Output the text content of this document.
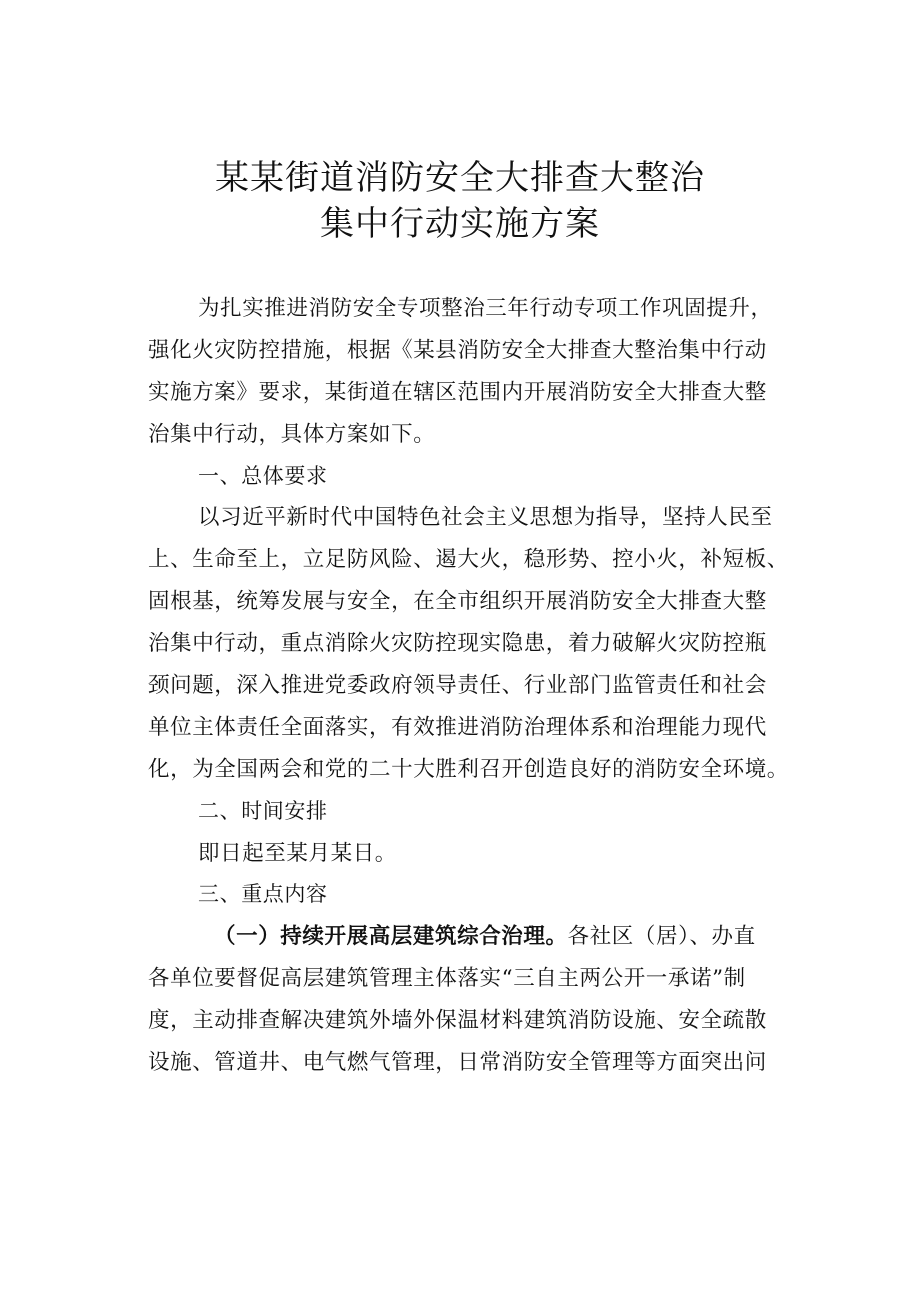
某某街道消防安全大排查大整治
集中行动实施方案
为扎实推进消防安全专项整治三年行动专项工作巩固提升，
强化火灾防控措施，根据《某县消防安全大排查大整治集中行动
实施方案》要求，某街道在辖区范围内开展消防安全大排查大整
治集中行动，具体方案如下。
一、总体要求
以习近平新时代中国特色社会主义思想为指导，坚持人民至
上、生命至上，立足防风险、遏大火，稳形势、控小火，补短板、
固根基，统筹发展与安全，在全市组织开展消防安全大排查大整
治集中行动，重点消除火灾防控现实隐患，着力破解火灾防控瓶
颈问题，深入推进党委政府领导责任、行业部门监管责任和社会
单位主体责任全面落实，有效推进消防治理体系和治理能力现代
化，为全国两会和党的二十大胜利召开创造良好的消防安全环境。
二、时间安排
即日起至某月某日。
三、重点内容
（一）持续开展高层建筑综合治理。各社区（居）、办直
各单位要督促高层建筑管理主体落实“三自主两公开一承诺”制
度，主动排查解决建筑外墙外保温材料建筑消防设施、安全疏散
设施、管道井、电气燃气管理，日常消防安全管理等方面突出问
